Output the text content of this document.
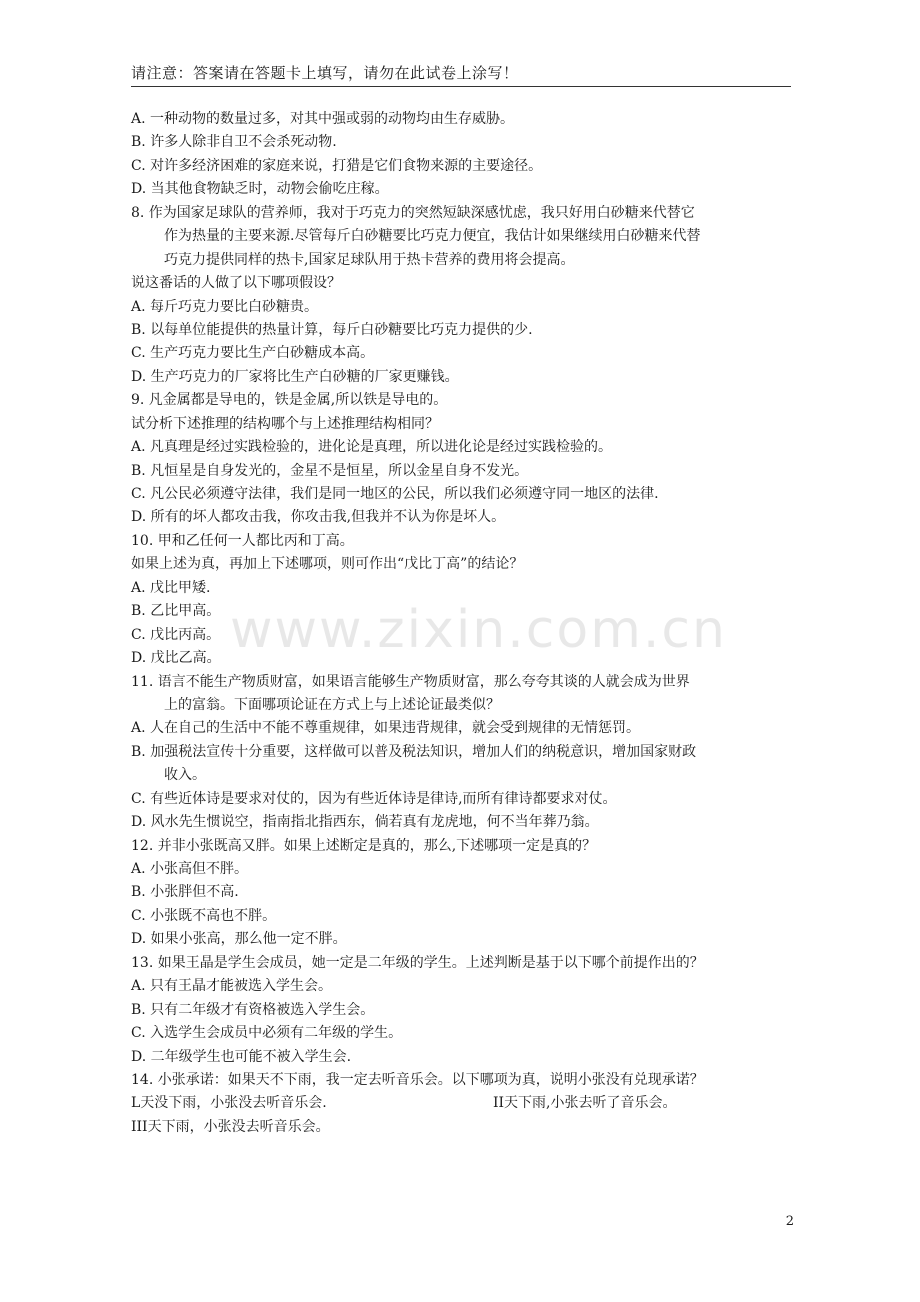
请注意：答案请在答题卡上填写，请勿在此试卷上涂写！
www.zixin.com.cn
A. 一种动物的数量过多，对其中强或弱的动物均由生存威胁。
B. 许多人除非自卫不会杀死动物.
C. 对许多经济困难的家庭来说，打猎是它们食物来源的主要途径。
D. 当其他食物缺乏时，动物会偷吃庄稼。
8. 作为国家足球队的营养师，我对于巧克力的突然短缺深感忧虑，我只好用白砂糖来代替它
作为热量的主要来源.尽管每斤白砂糖要比巧克力便宜，我估计如果继续用白砂糖来代替
巧克力提供同样的热卡,国家足球队用于热卡营养的费用将会提高。
说这番话的人做了以下哪项假设？
A. 每斤巧克力要比白砂糖贵。
B. 以每单位能提供的热量计算，每斤白砂糖要比巧克力提供的少.
C. 生产巧克力要比生产白砂糖成本高。
D. 生产巧克力的厂家将比生产白砂糖的厂家更赚钱。
9. 凡金属都是导电的，铁是金属,所以铁是导电的。
试分析下述推理的结构哪个与上述推理结构相同？
A. 凡真理是经过实践检验的，进化论是真理，所以进化论是经过实践检验的。
B. 凡恒星是自身发光的，金星不是恒星，所以金星自身不发光。
C. 凡公民必须遵守法律，我们是同一地区的公民，所以我们必须遵守同一地区的法律.
D. 所有的坏人都攻击我，你攻击我,但我并不认为你是坏人。
10. 甲和乙任何一人都比丙和丁高。
如果上述为真，再加上下述哪项，则可作出“戊比丁高”的结论？
A. 戊比甲矮.
B. 乙比甲高。
C. 戊比丙高。
D. 戊比乙高。
11. 语言不能生产物质财富，如果语言能够生产物质财富，那么夸夸其谈的人就会成为世界
上的富翁。下面哪项论证在方式上与上述论证最类似？
A. 人在自己的生活中不能不尊重规律，如果违背规律，就会受到规律的无情惩罚。
B. 加强税法宣传十分重要，这样做可以普及税法知识，增加人们的纳税意识，增加国家财政
收入。
C. 有些近体诗是要求对仗的，因为有些近体诗是律诗,而所有律诗都要求对仗。
D. 风水先生惯说空，指南指北指西东，倘若真有龙虎地，何不当年葬乃翁。
12. 并非小张既高又胖。如果上述断定是真的，那么,下述哪项一定是真的？
A. 小张高但不胖。
B. 小张胖但不高.
C. 小张既不高也不胖。
D. 如果小张高，那么他一定不胖。
13. 如果王晶是学生会成员，她一定是二年级的学生。上述判断是基于以下哪个前提作出的？
A. 只有王晶才能被选入学生会。
B. 只有二年级才有资格被选入学生会。
C. 入选学生会成员中必须有二年级的学生。
D. 二年级学生也可能不被入学生会.
14. 小张承诺：如果天不下雨，我一定去听音乐会。以下哪项为真，说明小张没有兑现承诺？
L天没下雨，小张没去听音乐会.	II天下雨,小张去听了音乐会。
III天下雨，小张没去听音乐会。
2
